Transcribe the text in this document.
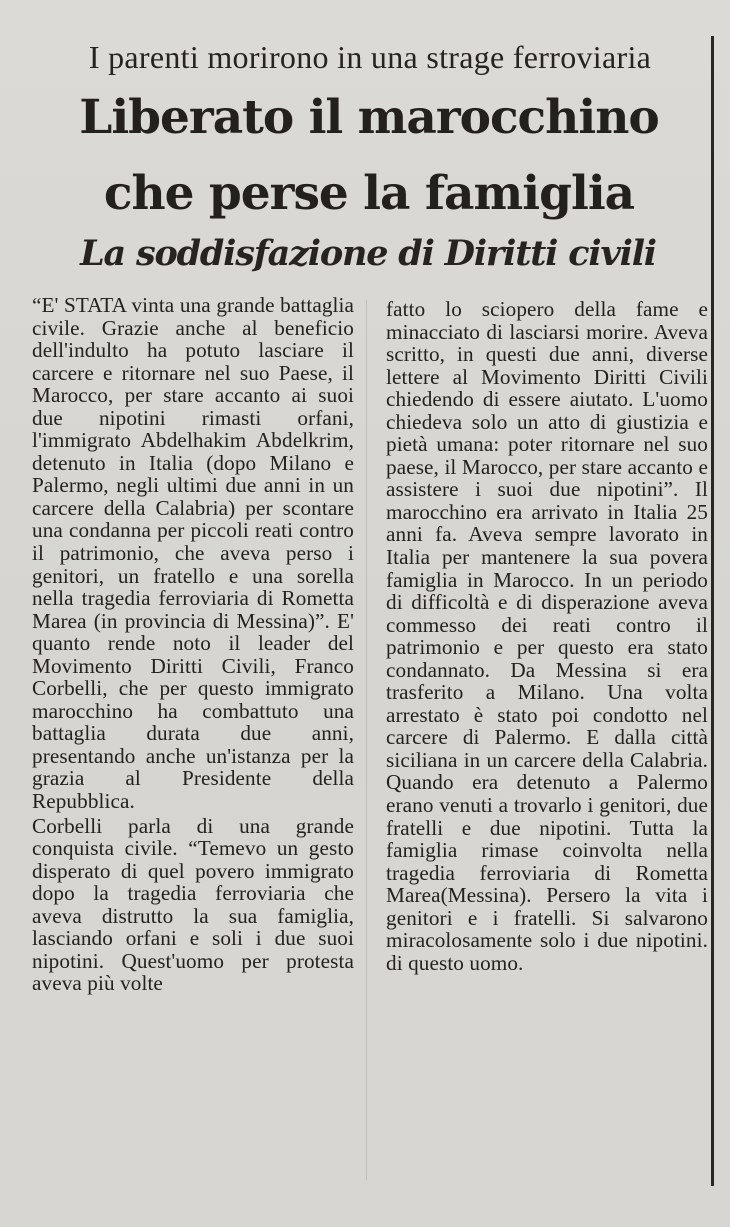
I parenti morirono in una strage ferroviaria
Liberato il marocchino
che perse la famiglia
La soddisfazione di Diritti civili

“E' STATA vinta una grande battaglia civile. Grazie anche al beneficio dell'indulto ha potuto lasciare il carcere e ritornare nel suo Paese, il Marocco, per stare accanto ai suoi due nipotini rimasti orfani, l'immigrato Abdelhakim Abdelkrim, detenuto in Italia (dopo Milano e Palermo, negli ultimi due anni in un carcere della Calabria) per scontare una condanna per piccoli reati contro il patrimonio, che aveva perso i genitori, un fratello e una sorella nella tragedia ferroviaria di Rometta Marea (in provincia di Messina)”. E' quanto rende noto il leader del Movimento Diritti Civili, Franco Corbelli, che per questo immigrato marocchino ha combattuto una battaglia durata due anni, presentando anche un'istanza per la grazia al Presidente della Repubblica.

Corbelli parla di una grande conquista civile. “Temevo un gesto disperato di quel povero immigrato dopo la tragedia ferroviaria che aveva distrutto la sua famiglia, lasciando orfani e soli i due suoi nipotini. Quest'uomo per protesta aveva più volte

fatto lo sciopero della fame e minacciato di lasciarsi morire. Aveva scritto, in questi due anni, diverse lettere al Movimento Diritti Civili chiedendo di essere aiutato. L'uomo chiedeva solo un atto di giustizia e pietà umana: poter ritornare nel suo paese, il Marocco, per stare accanto e assistere i suoi due nipotini”. Il marocchino era arrivato in Italia 25 anni fa. Aveva sempre lavorato in Italia per mantenere la sua povera famiglia in Marocco. In un periodo di difficoltà e di disperazione aveva commesso dei reati contro il patrimonio e per questo era stato condannato. Da Messina si era trasferito a Milano. Una volta arrestato è stato poi condotto nel carcere di Palermo. E dalla città siciliana in un carcere della Calabria. Quando era detenuto a Palermo erano venuti a trovarlo i genitori, due fratelli e due nipotini. Tutta la famiglia rimase coinvolta nella tragedia ferroviaria di Rometta Marea(Messina). Persero la vita i genitori e i fratelli. Si salvarono miracolosamente solo i due nipotini. di questo uomo.
